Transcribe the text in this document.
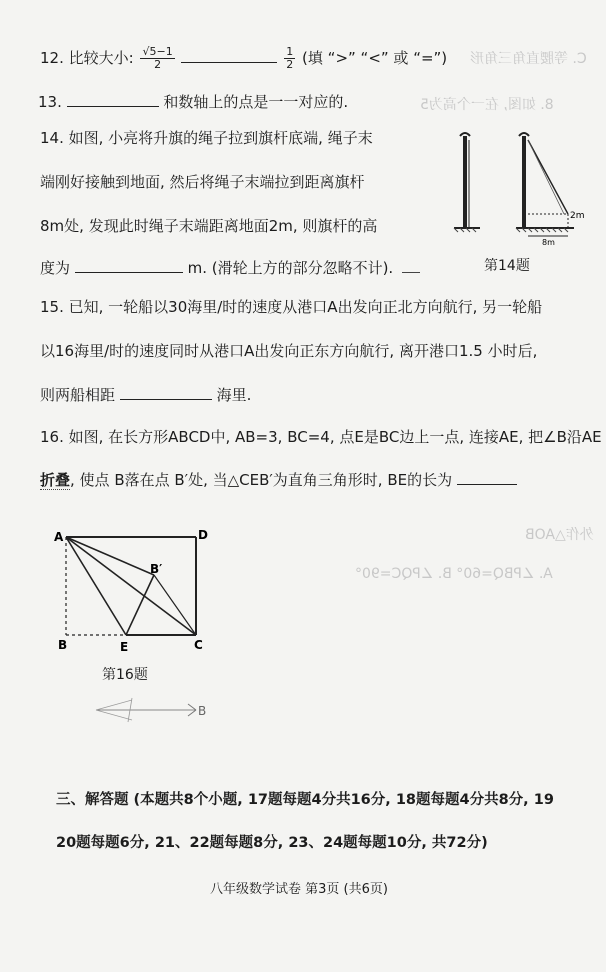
C. 等腰直角三角形
8. 如图, 在一个高为5
外作△AOB
A. ∠PBQ=60° B. ∠PQC=90°
12. 比较大小: $\frac{√5-1}{2}$
	$\frac{1}{2}$ (填 “>” “<” 或 “=”)
13.	和数轴上的点是一一对应的.
14. 如图, 小亮将升旗的绳子拉到旗杆底端, 绳子末
端刚好接触到地面, 然后将绳子末端拉到距离旗杆
8m处, 发现此时绳子末端距离地面2m, 则旗杆的高
度为	m. (滑轮上方的部分忽略不计).
2m
8m
第14题
15. 已知, 一轮船以30海里/时的速度从港口A出发向正北方向航行, 另一轮船
以16海里/时的速度同时从港口A出发向正东方向航行, 离开港口1.5 小时后,
则两船相距	海里.
16. 如图, 在长方形ABCD中, AB=3, BC=4, 点E是BC边上一点, 连接AE, 把∠B沿AE
折叠, 使点 B落在点 B′处, 当△CEB′为直角三角形时, BE的长为
A	D
B	E	C
B′
第16题
B
三、解答题 (本题共8个小题, 17题每题4分共16分, 18题每题4分共8分, 19
20题每题6分, 21、22题每题8分, 23、24题每题10分, 共72分)
八年级数学试卷 第3页 (共6页)
